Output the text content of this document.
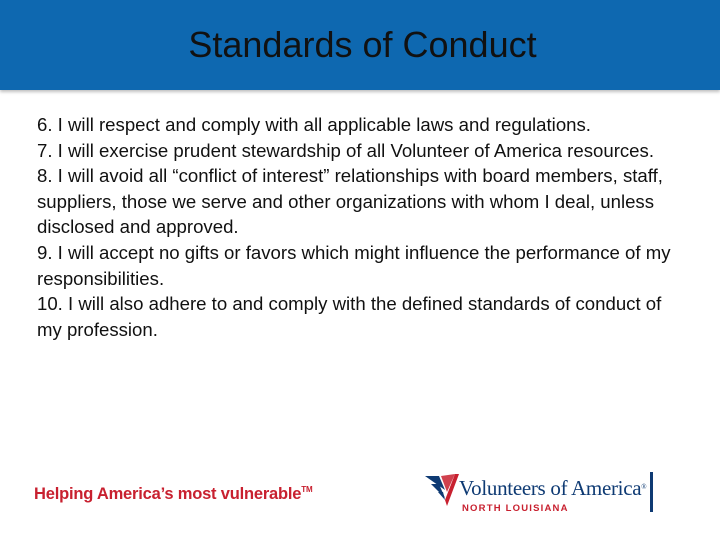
Standards of Conduct
6. I will respect and comply with all applicable laws and regulations.
7. I will exercise prudent stewardship of all Volunteer of America resources.
8. I will avoid all “conflict of interest” relationships with board members, staff, suppliers, those we serve and other organizations with whom I deal, unless disclosed and approved.
9. I will accept no gifts or favors which might influence the performance of my responsibilities.
10. I will also adhere to and comply with the defined standards of conduct of my profession.
Helping America’s most vulnerable™	Volunteers of America®
NORTH LOUISIANA
